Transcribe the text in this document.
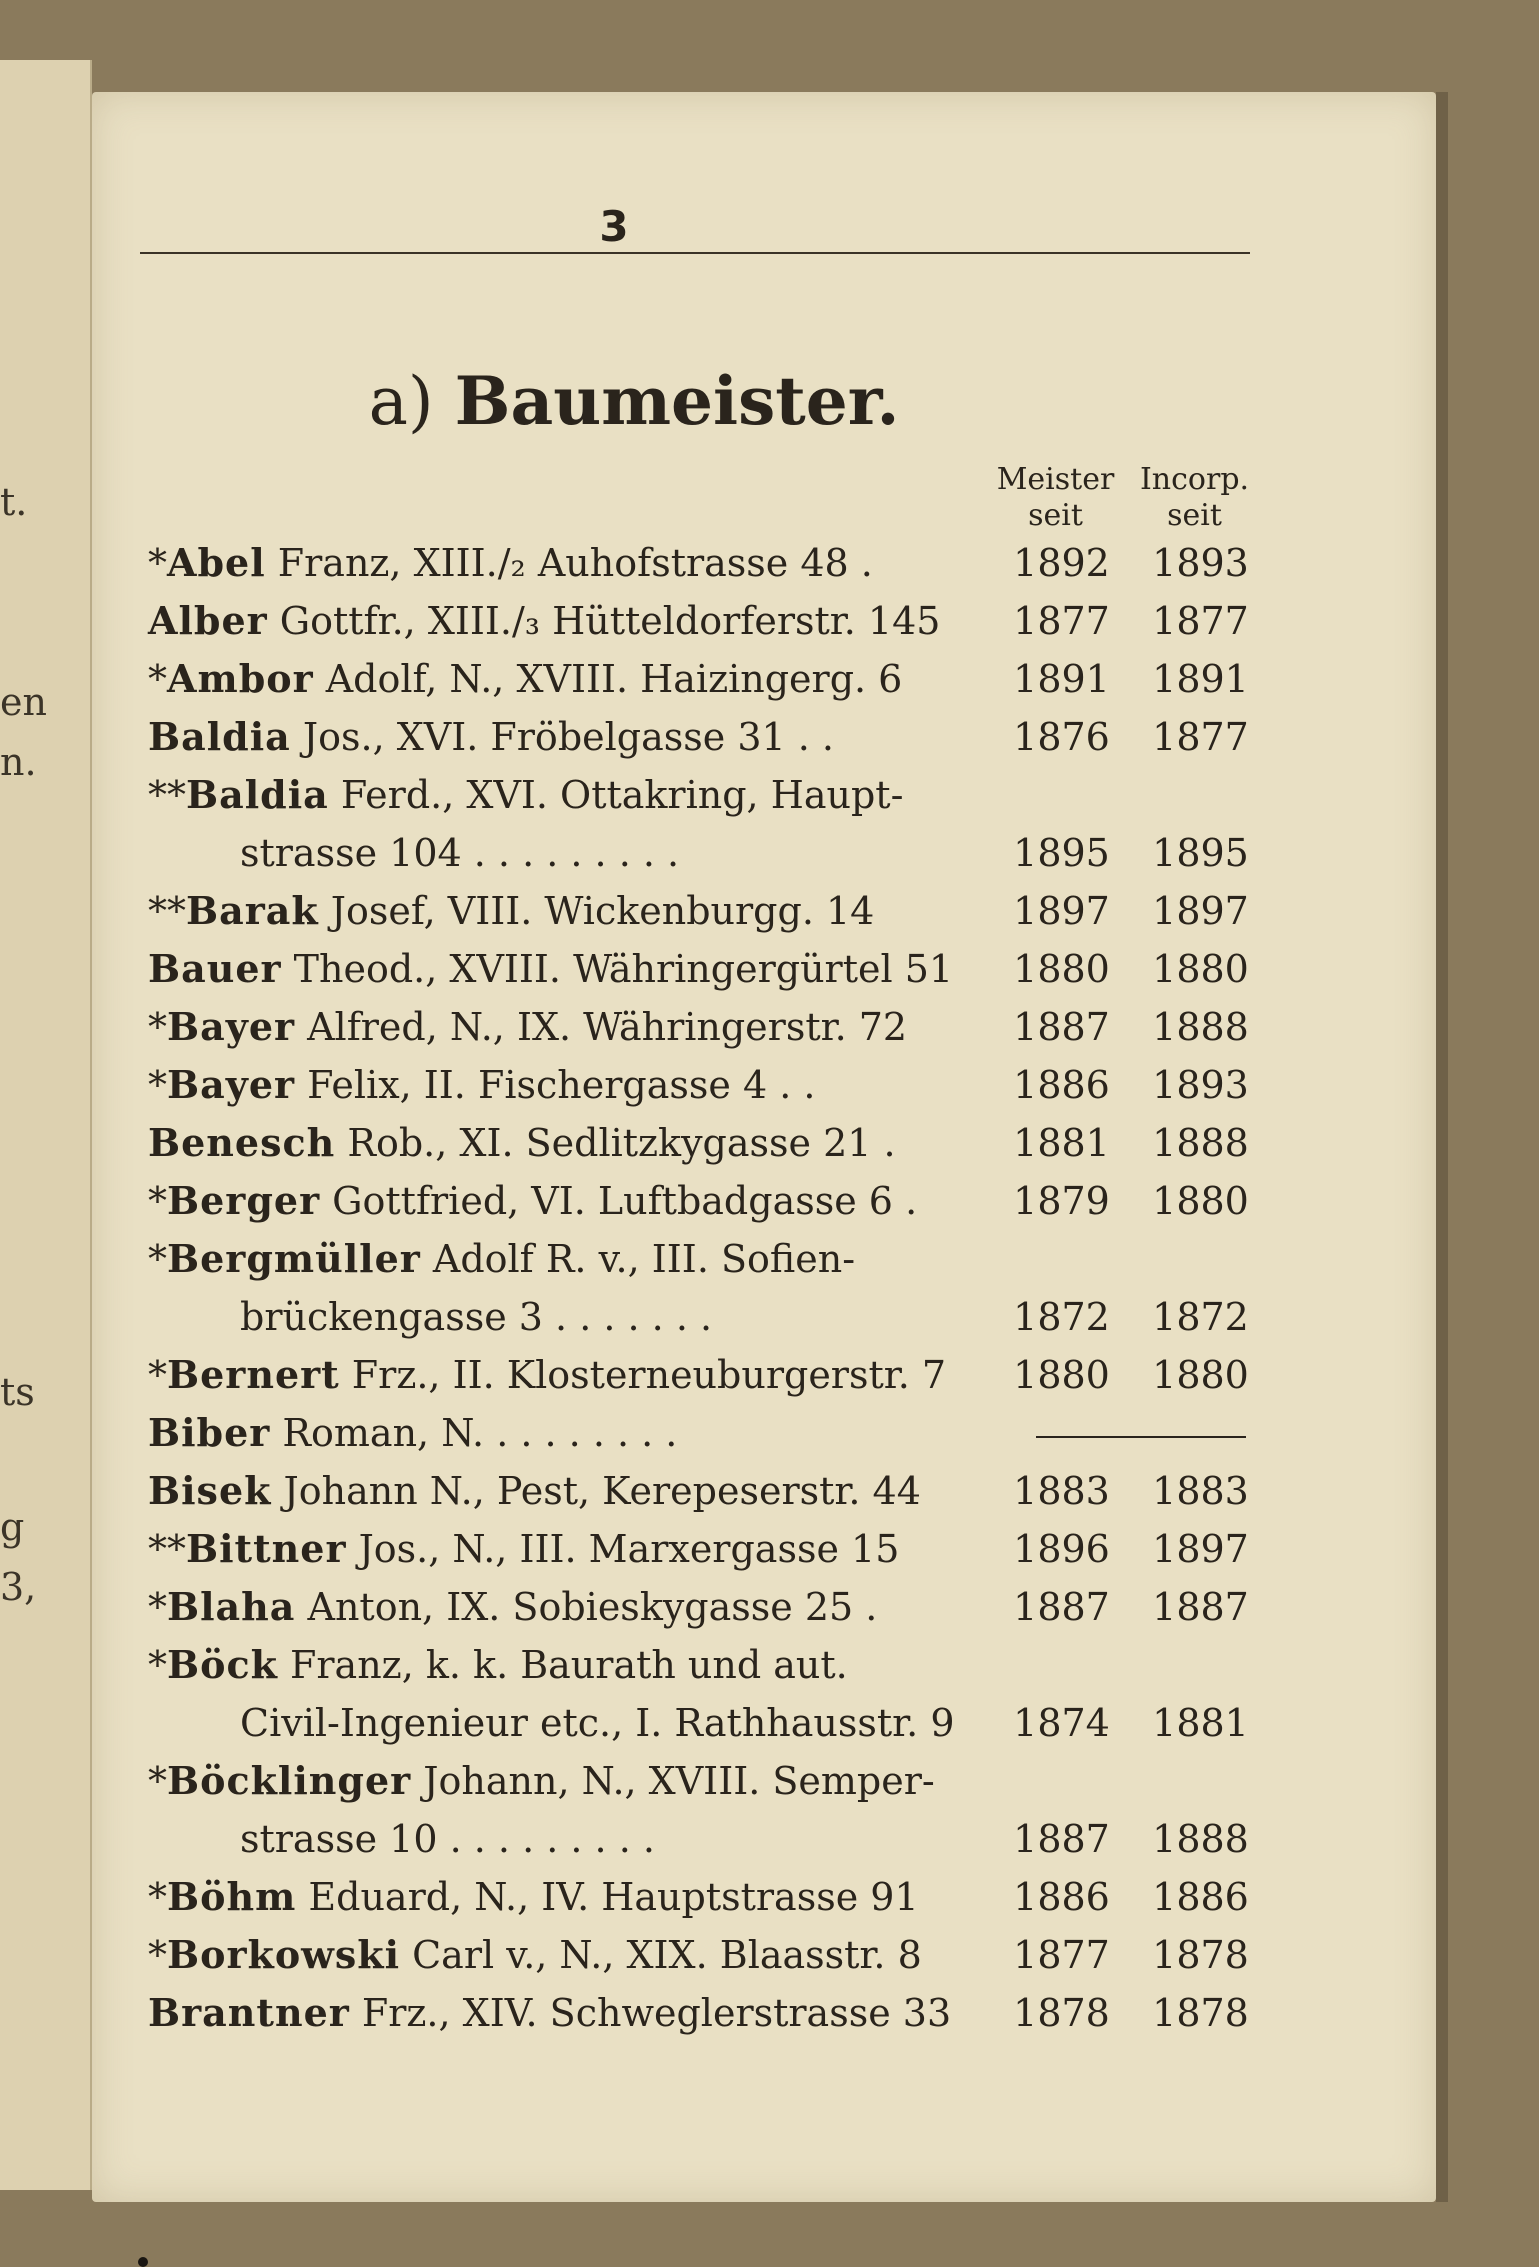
t.
en
n.
ts
g
3,
3
a) Baumeister.
Meister
seit
Incorp.
seit
*Abel Franz, XIII./₂ Auhofstrasse 48 .	1892	1893
Alber Gottfr., XIII./₃ Hütteldorferstr. 145	1877	1877
*Ambor Adolf, N., XVIII. Haizingerg. 6	1891	1891
Baldia Jos., XVI. Fröbelgasse 31 . .	1876	1877
**Baldia Ferd., XVI. Ottakring, Haupt-		
strasse 104 . . . . . . . . .	1895	1895
**Barak Josef, VIII. Wickenburgg. 14	1897	1897
Bauer Theod., XVIII. Währingergürtel 51	1880	1880
*Bayer Alfred, N., IX. Währingerstr. 72	1887	1888
*Bayer Felix, II. Fischergasse 4 . .	1886	1893
Benesch Rob., XI. Sedlitzkygasse 21 .	1881	1888
*Berger Gottfried, VI. Luftbadgasse 6 .	1879	1880
*Bergmüller Adolf R. v., III. Sofien-		
brückengasse 3 . . . . . . .	1872	1872
*Bernert Frz., II. Klosterneuburgerstr. 7	1880	1880
Biber Roman, N. . . . . . . . .		
Bisek Johann N., Pest, Kerepeserstr. 44	1883	1883
**Bittner Jos., N., III. Marxergasse 15	1896	1897
*Blaha Anton, IX. Sobieskygasse 25 .	1887	1887
*Böck Franz, k. k. Baurath und aut.		
Civil-Ingenieur etc., I. Rathhausstr. 9	1874	1881
*Böcklinger Johann, N., XVIII. Semper-		
strasse 10 . . . . . . . . .	1887	1888
*Böhm Eduard, N., IV. Hauptstrasse 91	1886	1886
*Borkowski Carl v., N., XIX. Blaasstr. 8	1877	1878
Brantner Frz., XIV. Schweglerstrasse 33	1878	1878
